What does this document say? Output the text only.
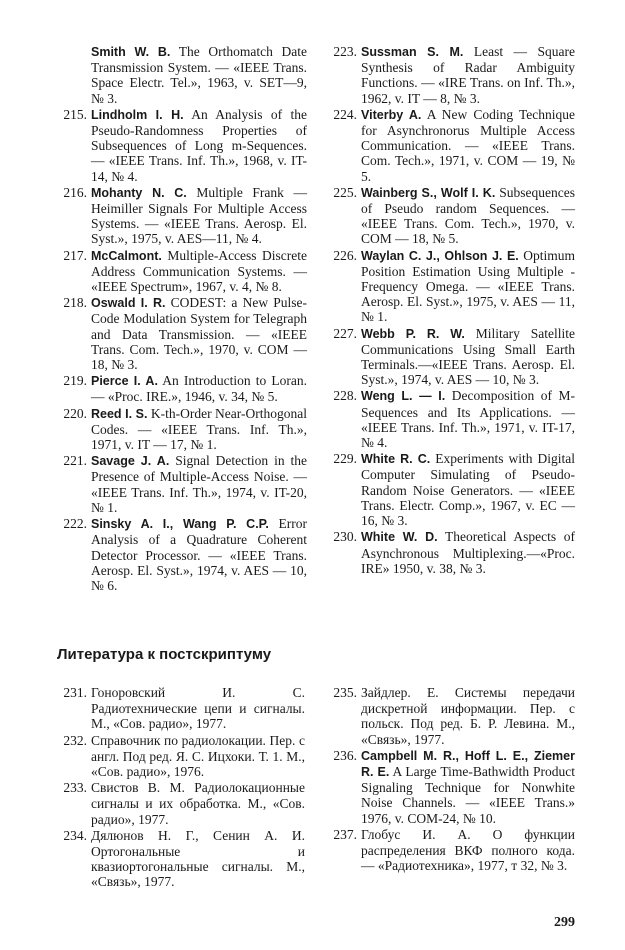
Smith W. B. The Orthomatch Date Transmission System. — «IEEE Trans. Space Electr. Tel.», 1963, v. SET—9, № 3.
215. Lindholm I. H. An Analysis of the Pseudo-Randomness Properties of Subsequences of Long m-Sequences. — «IEEE Trans. Inf. Th.», 1968, v. IT-14, № 4.
216. Mohanty N. C. Multiple Frank — Heimiller Signals For Multiple Access Systems. — «IEEE Trans. Aerosp. El. Syst.», 1975, v. AES—11, № 4.
217. McCalmont. Multiple-Access Discrete Address Communication Systems. — «IEEE Spectrum», 1967, v. 4, № 8.
218. Oswald I. R. CODEST: a New Pulse-Code Modulation System for Telegraph and Data Transmission. — «IEEE Trans. Com. Tech.», 1970, v. COM — 18, № 3.
219. Pierce I. A. An Introduction to Loran. — «Proc. IRE.», 1946, v. 34, № 5.
220. Reed I. S. K-th-Order Near-Orthogonal Codes. — «IEEE Trans. Inf. Th.», 1971, v. IT — 17, № 1.
221. Savage J. A. Signal Detection in the Presence of Multiple-Access Noise. — «IEEE Trans. Inf. Th.», 1974, v. IT-20, № 1.
222. Sinsky A. I., Wang P. C.P. Error Analysis of a Quadrature Coherent Detector Processor. — «IEEE Trans. Aerosp. El. Syst.», 1974, v. AES — 10, № 6.
223. Sussman S. M. Least — Square Synthesis of Radar Ambiguity Functions. — «IRE Trans. on Inf. Th.», 1962, v. IT — 8, № 3.
224. Viterby A. A New Coding Technique for Asynchronorus Multiple Access Communication. — «IEEE Trans. Com. Tech.», 1971, v. COM — 19, № 5.
225. Wainberg S., Wolf I. K. Subsequences of Pseudo random Sequences. — «IEEE Trans. Com. Tech.», 1970, v. COM — 18, № 5.
226. Waylan C. J., Ohlson J. E. Optimum Position Estimation Using Multiple - Frequency Omega. — «IEEE Trans. Aerosp. El. Syst.», 1975, v. AES — 11, № 1.
227. Webb P. R. W. Military Satellite Communications Using Small Earth Terminals.—«IEEE Trans. Aerosp. El. Syst.», 1974, v. AES — 10, № 3.
228. Weng L. — I. Decomposition of M-Sequences and Its Applications. — «IEEE Trans. Inf. Th.», 1971, v. IT-17, № 4.
229. White R. C. Experiments with Digital Computer Simulating of Pseudo-Random Noise Generators. — «IEEE Trans. Electr. Comp.», 1967, v. EC — 16, № 3.
230. White W. D. Theoretical Aspects of Asynchronous Multiplexing.—«Proc. IRE» 1950, v. 38, № 3.
Литература к постскриптуму
231. Гоноровский И. С. Радиотехнические цепи и сигналы. М., «Сов. радио», 1977.
232. Справочник по радиолокации. Пер. с англ. Под ред. Я. С. Ицхоки. Т. 1. М., «Сов. радио», 1976.
233. Свистов В. М. Радиолокационные сигналы и их обработка. М., «Сов. радио», 1977.
234. Дялюнов Н. Г., Сенин А. И. Ортогональные и квазиортогональные сигналы. М., «Связь», 1977.
235. Зайдлер. Е. Системы передачи дискретной информации. Пер. с польск. Под ред. Б. Р. Левина. М., «Связь», 1977.
236. Campbell M. R., Hoff L. E., Ziemer R. E. A Large Time-Bathwidth Product Signaling Technique for Nonwhite Noise Channels. — «IEEE Trans.» 1976, v. COM-24, № 10.
237. Глобус И. А. О функции распределения ВКФ полного кода. — «Радиотехника», 1977, т 32, № 3.
299
